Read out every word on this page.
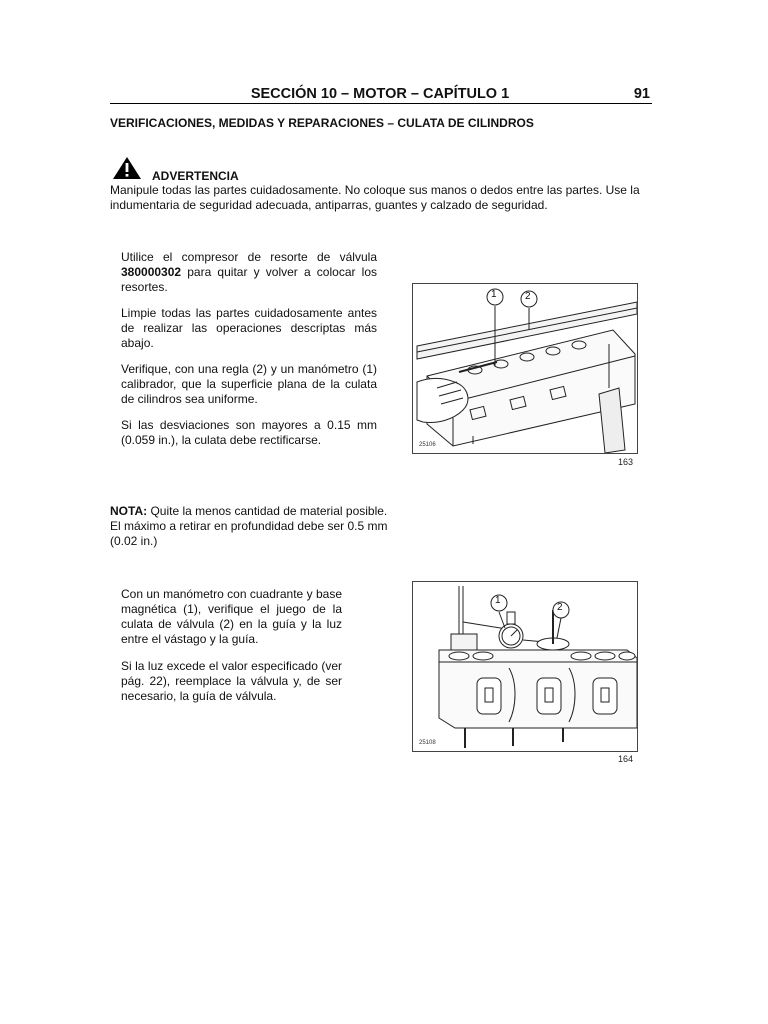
SECCIÓN 10 – MOTOR – CAPÍTULO 1	91
VERIFICACIONES, MEDIDAS Y REPARACIONES – CULATA DE CILINDROS
ADVERTENCIA
Manipule todas las partes cuidadosamente. No coloque sus manos o dedos entre las partes. Use la indumentaria de seguridad adecuada, antiparras, guantes y calzado de seguridad.
Utilice el compresor de resorte de válvula 380000302 para quitar y volver a colocar los resortes.
Limpie todas las partes cuidadosamente antes de realizar las operaciones descriptas más abajo.
Verifique, con una regla (2) y un manómetro (1) calibrador, que la superficie plana de la culata de cilindros sea uniforme.
Si las desviaciones son mayores a 0.15 mm (0.059 in.), la culata debe rectificarse.
1	2
25106
163
NOTA: Quite la menos cantidad de material posible.
El máximo a retirar en profundidad debe ser 0.5 mm
(0.02 in.)
Con un manómetro con cuadrante y base magnética (1), verifique el juego de la culata de válvula (2) en la guía y la luz entre el vástago y la guía.
Si la luz excede el valor especificado (ver pág. 22), reemplace la válvula y, de ser necesario, la guía de válvula.
1
2
25108
164
